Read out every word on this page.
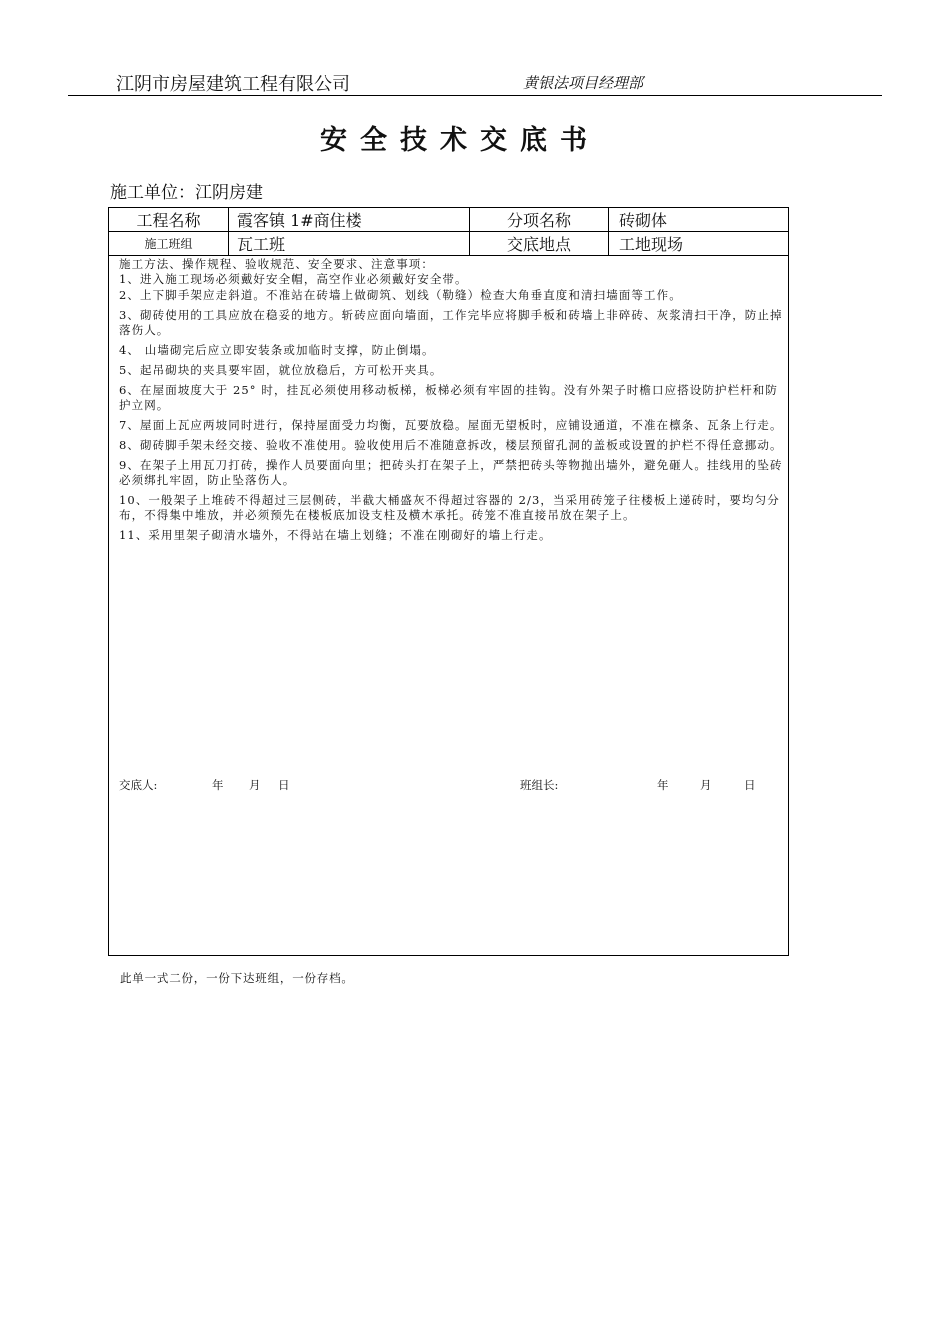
江阴市房屋建筑工程有限公司	黄银法项目经理部
安全技术交底书
施工单位：江阴房建
工程名称	霞客镇 1#商住楼	分项名称	砖砌体
施工班组	瓦工班	交底地点	工地现场

施工方法、操作规程、验收规范、安全要求、注意事项：

1、进入施工现场必须戴好安全帽，高空作业必须戴好安全带。

2、上下脚手架应走斜道。不准站在砖墙上做砌筑、划线（勒缝）检查大角垂直度和清扫墙面等工作。

3、砌砖使用的工具应放在稳妥的地方。斩砖应面向墙面，工作完毕应将脚手板和砖墙上非碎砖、灰浆清扫干净，防止掉落伤人。

4、 山墙砌完后应立即安装条或加临时支撑，防止倒塌。

5、起吊砌块的夹具要牢固，就位放稳后，方可松开夹具。

6、在屋面坡度大于 25° 时，挂瓦必须使用移动板梯，板梯必须有牢固的挂钩。没有外架子时檐口应搭设防护栏杆和防护立网。

7、屋面上瓦应两坡同时进行，保持屋面受力均衡，瓦要放稳。屋面无望板时，应铺设通道，不准在檩条、瓦条上行走。

8、砌砖脚手架未经交接、验收不准使用。验收使用后不准随意拆改，楼层预留孔洞的盖板或设置的护栏不得任意挪动。

9、在架子上用瓦刀打砖，操作人员要面向里；把砖头打在架子上，严禁把砖头等物抛出墙外，避免砸人。挂线用的坠砖必须绑扎牢固，防止坠落伤人。

10、一般架子上堆砖不得超过三层侧砖，半截大桶盛灰不得超过容器的 2/3，当采用砖笼子往楼板上递砖时，要均匀分布，不得集中堆放，并必须预先在楼板底加设支柱及横木承托。砖笼不准直接吊放在架子上。

11、采用里架子砌清水墙外，不得站在墙上划缝；不准在刚砌好的墙上行走。

交底人:	年 月 日	班组长:	年	月	日
此单一式二份，一份下达班组，一份存档。
